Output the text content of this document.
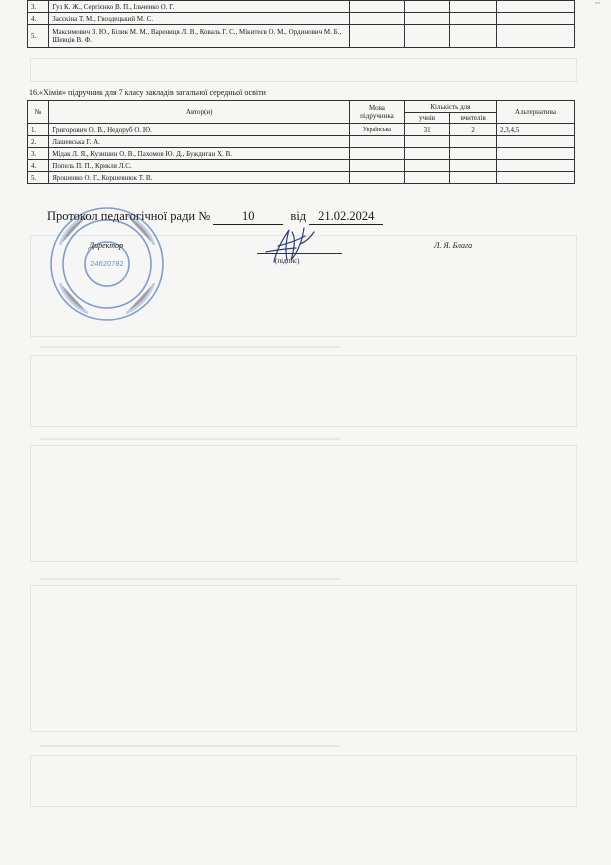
3.	Гуз К. Ж., Сергієнко В. П., Ільченко О. Г.				
4.	Засєкіна Т. М., Гвоздецький М. С.				
5.	Максимович З. Ю., Білик М. М., Варениця Л. В., Коваль Г. С., Мікитеєв О. М., Ординович М. Б., Шевців В. Ф.				
16.«Хімія» підручник для 7 класу закладів загальної середньої освіти
№	Автор(и)	Мова підручника	Кількість для		Альтернатива
			учнів	вчителів	
1.	Григорович О. В., Недоруб О. Ю.	Українська	31	2	2,3,4,5
2.	Лашевська Г. А.				
3.	Мідак Л. Я., Кузишин О. В., Пахомов Ю. Д., Буждиган Х. В.				
4.	Попель П. П., Крикля Л.С.				
5.	Ярошенко О. Г., Коршевнюк Т. В.				
24620782
Протокол педагогічної ради №	10	від 21.02.2024
Директор
(підпис)
Л. Я. Блага
⁞
